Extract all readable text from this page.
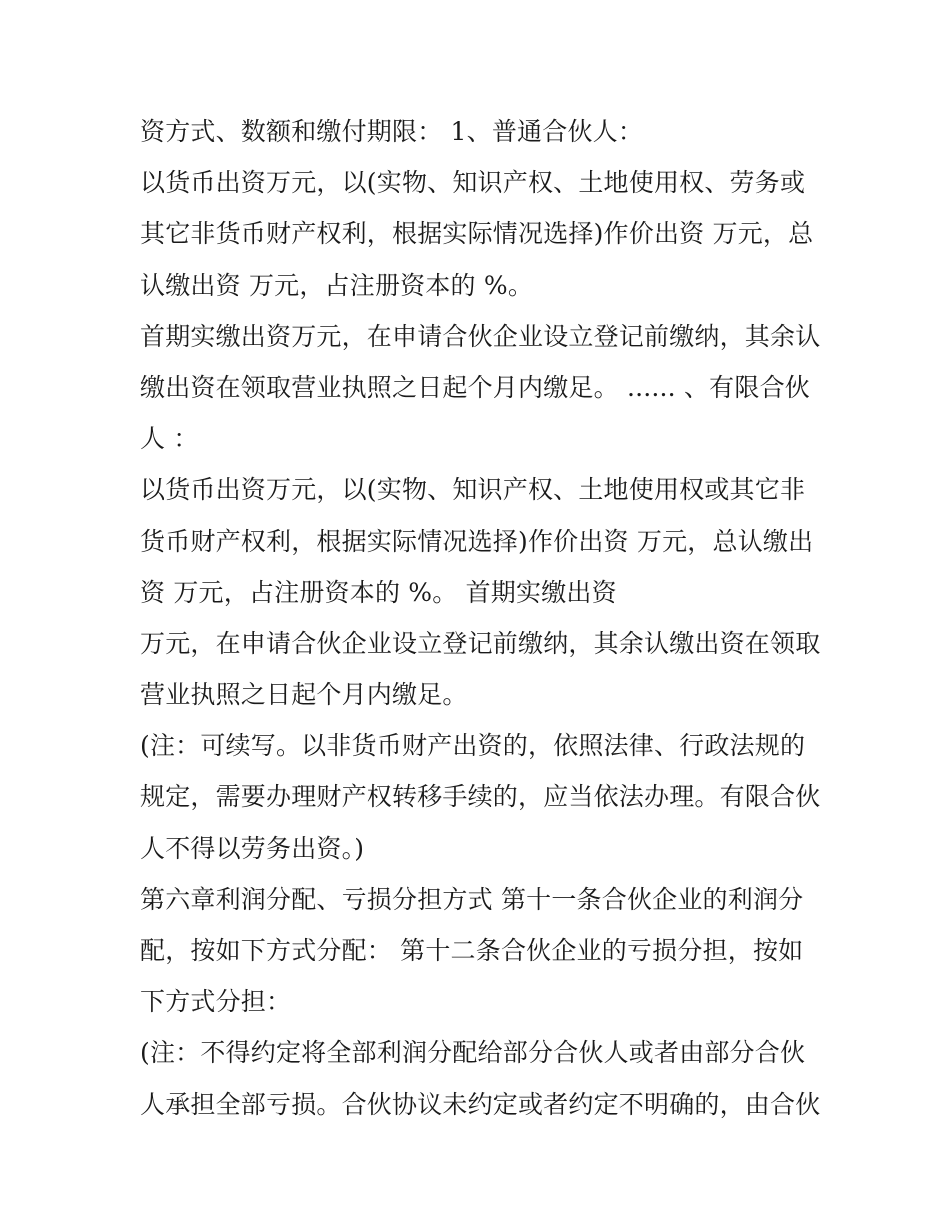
资方式、数额和缴付期限： 1、普通合伙人：
以货币出资万元，以(实物、知识产权、土地使用权、劳务或
其它非货币财产权利，根据实际情况选择)作价出资 万元，总
认缴出资 万元，占注册资本的 %。
首期实缴出资万元，在申请合伙企业设立登记前缴纳，其余认
缴出资在领取营业执照之日起个月内缴足。 ...... 、有限合伙
人 ：
以货币出资万元，以(实物、知识产权、土地使用权或其它非
货币财产权利，根据实际情况选择)作价出资 万元，总认缴出
资 万元，占注册资本的 %。 首期实缴出资
万元，在申请合伙企业设立登记前缴纳，其余认缴出资在领取
营业执照之日起个月内缴足。
(注：可续写。以非货币财产出资的，依照法律、行政法规的
规定，需要办理财产权转移手续的，应当依法办理。有限合伙
人不得以劳务出资。)
第六章利润分配、亏损分担方式 第十一条合伙企业的利润分
配，按如下方式分配： 第十二条合伙企业的亏损分担，按如
下方式分担：
(注：不得约定将全部利润分配给部分合伙人或者由部分合伙
人承担全部亏损。合伙协议未约定或者约定不明确的，由合伙
